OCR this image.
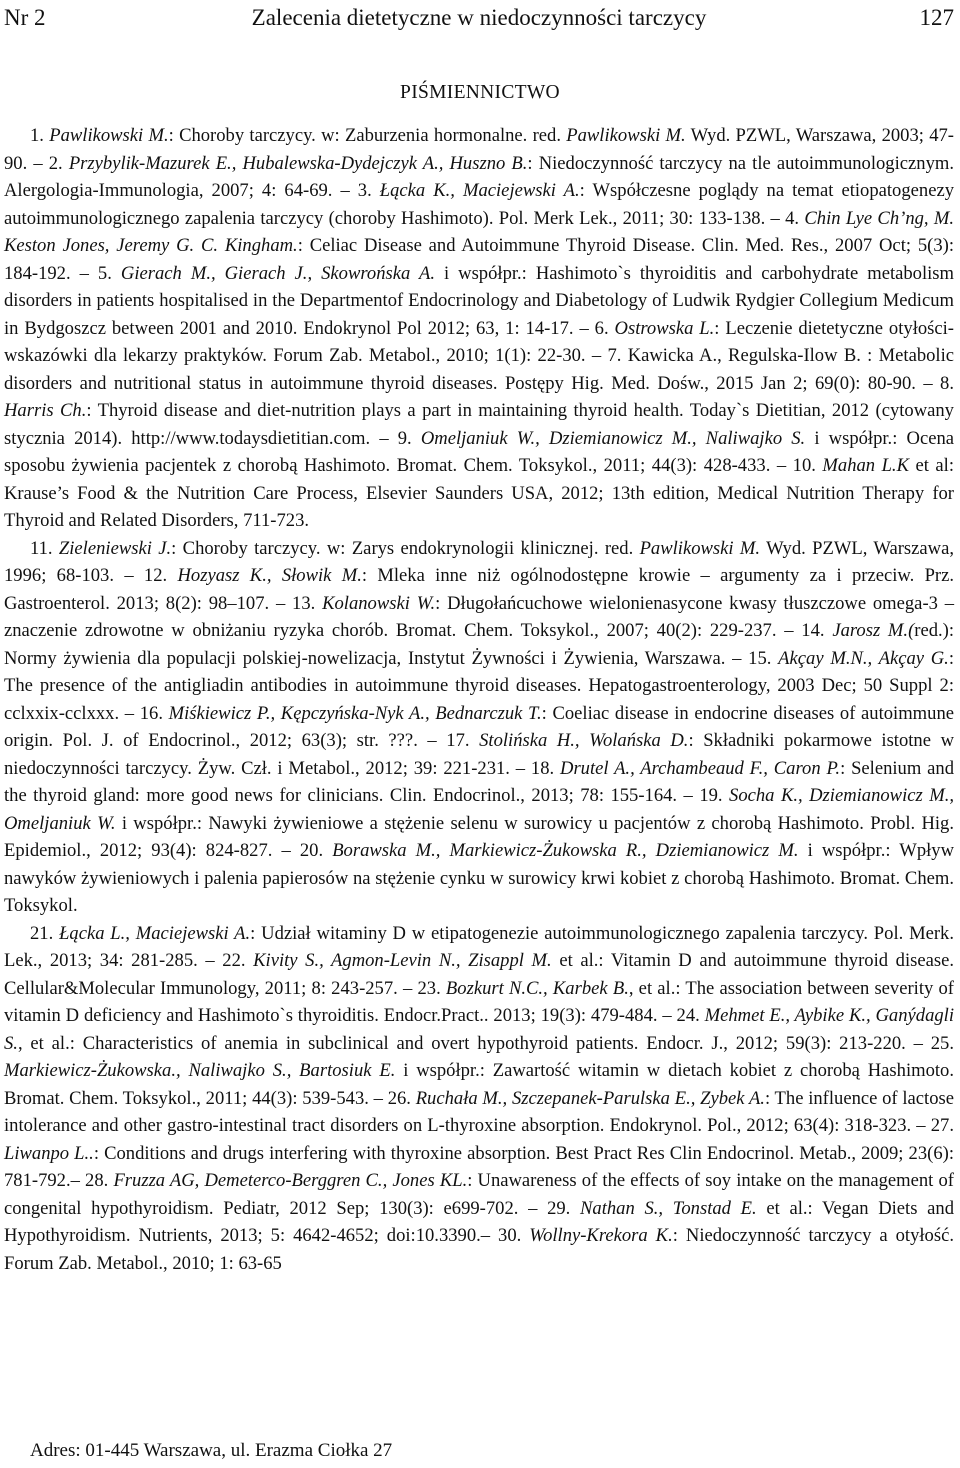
Nr 2	Zalecenia dietetyczne w niedoczynności tarczycy	127
PIŚMIENNICTWO

1. Pawlikowski M.: Choroby tarczycy. w: Zaburzenia hormonalne. red. Pawlikowski M. Wyd. PZWL, Warszawa, 2003; 47-90. – 2. Przybylik-Mazurek E., Hubalewska-Dydejczyk A., Huszno B.: Niedoczynność tarczycy na tle autoimmunologicznym. Alergologia-Immunologia, 2007; 4: 64-69. – 3. Łącka K., Maciejewski A.: Współczesne poglądy na temat etiopatogenezy autoimmunologicznego zapalenia tarczycy (choroby Hashimoto). Pol. Merk Lek., 2011; 30: 133-138. – 4. Chin Lye Ch’ng, M. Keston Jones, Jeremy G. C. Kingham.: Celiac Disease and Autoimmune Thyroid Disease. Clin. Med. Res., 2007 Oct; 5(3): 184-192. – 5. Gierach M., Gierach J., Skowrońska A. i współpr.: Hashimoto`s thyroiditis and carbohydrate metabolism disorders in patients hospitalised in the Departmentof Endocrinology and Diabetology of Ludwik Rydgier Collegium Medicum in Bydgoszcz between 2001 and 2010. Endokrynol Pol 2012; 63, 1: 14-17. – 6. Ostrowska L.: Leczenie dietetyczne otyłości-wskazówki dla lekarzy praktyków. Forum Zab. Metabol., 2010; 1(1): 22-30. – 7. Kawicka A., Regulska-Ilow B. : Metabolic disorders and nutritional status in autoimmune thyroid diseases. Postępy Hig. Med. Dośw., 2015 Jan 2; 69(0): 80-90. – 8. Harris Ch.: Thyroid disease and diet-nutrition plays a part in maintaining thyroid health. Today`s Dietitian, 2012 (cytowany stycznia 2014). http://www.todaysdietitian.com. – 9. Omeljaniuk W., Dziemianowicz M., Naliwajko S. i współpr.: Ocena sposobu żywienia pacjentek z chorobą Hashimoto. Bromat. Chem. Toksykol., 2011; 44(3): 428-433. – 10. Mahan L.K et al: Krause’s Food & the Nutrition Care Process, Elsevier Saunders USA, 2012; 13th edition, Medical Nutrition Therapy for Thyroid and Related Disorders, 711-723.

11. Zieleniewski J.: Choroby tarczycy. w: Zarys endokrynologii klinicznej. red. Pawlikowski M. Wyd. PZWL, Warszawa, 1996; 68-103. – 12. Hozyasz K., Słowik M.: Mleka inne niż ogólnodostępne krowie – argumenty za i przeciw. Prz. Gastroenterol. 2013; 8(2): 98–107. – 13. Kolanowski W.: Długołańcuchowe wielonienasycone kwasy tłuszczowe omega-3 – znaczenie zdrowotne w obniżaniu ryzyka chorób. Bromat. Chem. Toksykol., 2007; 40(2): 229-237. – 14. Jarosz M.(red.): Normy żywienia dla populacji polskiej-nowelizacja, Instytut Żywności i Żywienia, Warszawa. – 15. Akçay M.N., Akçay G.: The presence of the antigliadin antibodies in autoimmune thyroid diseases. Hepatogastroenterology, 2003 Dec; 50 Suppl 2: cclxxix-cclxxx. – 16. Miśkiewicz P., Kępczyńska-Nyk A., Bednarczuk T.: Coeliac disease in endocrine diseases of autoimmune origin. Pol. J. of Endocrinol., 2012; 63(3); str. ???. – 17. Stolińska H., Wolańska D.: Składniki pokarmowe istotne w niedoczynności tarczycy. Żyw. Czł. i Metabol., 2012; 39: 221-231. – 18. Drutel A., Archambeaud F., Caron P.: Selenium and the thyroid gland: more good news for clinicians. Clin. Endocrinol., 2013; 78: 155-164. – 19. Socha K., Dziemianowicz M., Omeljaniuk W. i współpr.: Nawyki żywieniowe a stężenie selenu w surowicy u pacjentów z chorobą Hashimoto. Probl. Hig. Epidemiol., 2012; 93(4): 824-827. – 20. Borawska M., Markiewicz-Żukowska R., Dziemianowicz M. i współpr.: Wpływ nawyków żywieniowych i palenia papierosów na stężenie cynku w surowicy krwi kobiet z chorobą Hashimoto. Bromat. Chem. Toksykol.

21. Łącka L., Maciejewski A.: Udział witaminy D w etipatogenezie autoimmunologicznego zapalenia tarczycy. Pol. Merk. Lek., 2013; 34: 281-285. – 22. Kivity S., Agmon-Levin N., Zisappl M. et al.: Vitamin D and autoimmune thyroid disease. Cellular&Molecular Immunology, 2011; 8: 243-257. – 23. Bozkurt N.C., Karbek B., et al.: The association between severity of vitamin D deficiency and Hashimoto`s thyroiditis. Endocr.Pract.. 2013; 19(3): 479-484. – 24. Mehmet E., Aybike K., Ganýdagli S., et al.: Characteristics of anemia in subclinical and overt hypothyroid patients. Endocr. J., 2012; 59(3): 213-220. – 25. Markiewicz-Żukowska., Naliwajko S., Bartosiuk E. i współpr.: Zawartość witamin w dietach kobiet z chorobą Hashimoto. Bromat. Chem. Toksykol., 2011; 44(3): 539-543. – 26. Ruchała M., Szczepanek-Parulska E., Zybek A.: The influence of lactose intolerance and other gastro-intestinal tract disorders on L-thyroxine absorption. Endokrynol. Pol., 2012; 63(4): 318-323. – 27. Liwanpo L..: Conditions and drugs interfering with thyroxine absorption. Best Pract Res Clin Endocrinol. Metab., 2009; 23(6): 781-792.– 28. Fruzza AG, Demeterco-Berggren C., Jones KL.: Unawareness of the effects of soy intake on the management of congenital hypothyroidism. Pediatr, 2012 Sep; 130(3): e699-702. – 29. Nathan S., Tonstad E. et al.: Vegan Diets and Hypothyroidism. Nutrients, 2013; 5: 4642-4652; doi:10.3390.– 30. Wollny-Krekora K.: Niedoczynność tarczycy a otyłość. Forum Zab. Metabol., 2010; 1: 63-65

Adres: 01-445 Warszawa, ul. Erazma Ciołka 27
